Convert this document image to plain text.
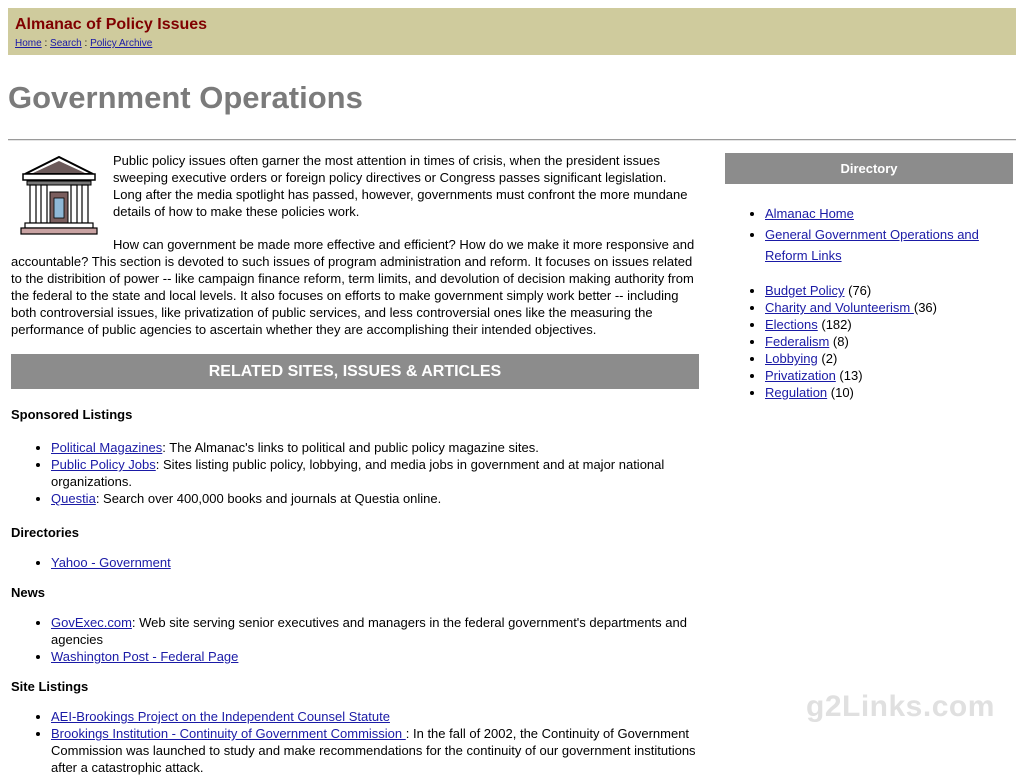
Almanac of Policy Issues
Home : Search : Policy Archive
Government Operations

Public policy issues often garner the most attention in times of crisis, when the president issues sweeping executive orders or foreign policy directives or Congress passes significant legislation. Long after the media spotlight has passed, however, governments must confront the more mundane details of how to make these policies work.

How can government be made more effective and efficient? How do we make it more responsive and accountable? This section is devoted to such issues of program administration and reform. It focuses on issues related to the distribition of power -- like campaign finance reform, term limits, and devolution of decision making authority from the federal to the state and local levels. It also focuses on efforts to make government simply work better -- including both controversial issues, like privatization of public services, and less controversial ones like the measuring the performance of public agencies to ascertain whether they are accomplishing their intended objectives.

RELATED SITES, ISSUES & ARTICLES
Sponsored Listings
• Political Magazines: The Almanac's links to political and public policy magazine sites.
• Public Policy Jobs: Sites listing public policy, lobbying, and media jobs in government and at major national organizations.
• Questia: Search over 400,000 books and journals at Questia online.
Directories
• Yahoo - Government
News
• GovExec.com: Web site serving senior executives and managers in the federal government's departments and agencies
• Washington Post - Federal Page
Site Listings
• AEI-Brookings Project on the Independent Counsel Statute
• Brookings Institution - Continuity of Government Commission : In the fall of 2002, the Continuity of Government Commission was launched to study and make recommendations for the continuity of our government institutions after a catastrophic attack.
Directory
• Almanac Home
• General Government Operations and Reform Links
• Budget Policy (76)
• Charity and Volunteerism (36)
• Elections (182)
• Federalism (8)
• Lobbying (2)
• Privatization (13)
• Regulation (10)
g2Links.com
